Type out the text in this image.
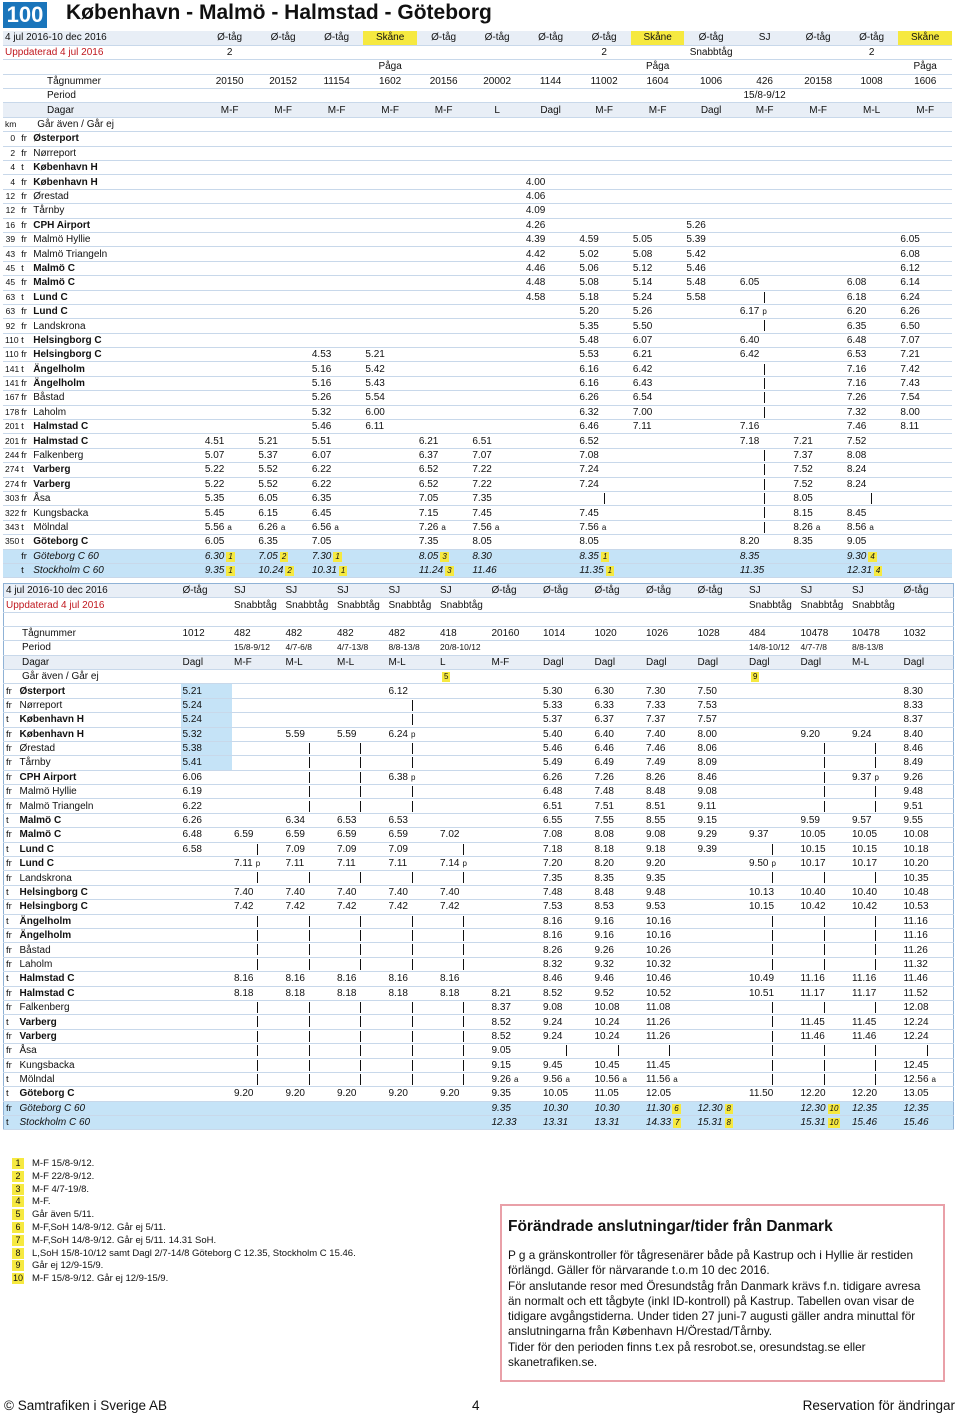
100 København - Malmö - Halmstad - Göteborg
4 jul 2016-10 dec 2016			Ø-tåg	Ø-tåg	Ø-tåg	Skåne	Ø-tåg	Ø-tåg	Ø-tåg	Ø-tåg	Skåne	Ø-tåg	SJ	Ø-tåg	Ø-tåg	Skåne
Uppdaterad 4 jul 2016			2							2		Snabbtåg			2	
						Pågа					Pågа					Pågа
Tågnummer			20150	20152	11154	1602	20156	20002	1144	11002	1604	1006	426	20158	1008	1606
Period													15/8-9/12			
Dagar			M-F	M-F	M-F	M-F	M-F	L	Dagl	M-F	M-F	Dagl	M-F	M-F	M-L	M-F
km		Går även / Går ej														
0	fr	Østerport														
2	fr	Nørreport														
4	t	København H														
4	fr	København H							4.00							
12	fr	Ørestad							4.06							
12	fr	Tårnby							4.09							
16	fr	CPH Airport							4.26			5.26				
39	fr	Malmö Hyllie							4.39	4.59	5.05	5.39				6.05
43	fr	Malmö Triangeln							4.42	5.02	5.08	5.42				6.08
45	t	Malmö C							4.46	5.06	5.12	5.46				6.12
45	fr	Malmö C							4.48	5.08	5.14	5.48	6.05		6.08	6.14
63	t	Lund C							4.58	5.18	5.24	5.58			6.18	6.24
63	fr	Lund C								5.20	5.26		6.17 p		6.20	6.26
92	fr	Landskrona								5.35	5.50				6.35	6.50
110	t	Helsingborg C								5.48	6.07		6.40		6.48	7.07
110	fr	Helsingborg C			4.53	5.21				5.53	6.21		6.42		6.53	7.21
141	t	Ängelholm			5.16	5.42				6.16	6.42				7.16	7.42
141	fr	Ängelholm			5.16	5.43				6.16	6.43				7.16	7.43
167	fr	Båstad			5.26	5.54				6.26	6.54				7.26	7.54
178	fr	Laholm			5.32	6.00				6.32	7.00				7.32	8.00
201	t	Halmstad C			5.46	6.11				6.46	7.11		7.16		7.46	8.11
201	fr	Halmstad C	4.51	5.21	5.51		6.21	6.51		6.52			7.18	7.21	7.52	
244	fr	Falkenberg	5.07	5.37	6.07		6.37	7.07		7.08				7.37	8.08	
274	t	Varberg	5.22	5.52	6.22		6.52	7.22		7.24				7.52	8.24	
274	fr	Varberg	5.22	5.52	6.22		6.52	7.22		7.24				7.52	8.24	
303	fr	Åsa	5.35	6.05	6.35		7.05	7.35						8.05		
322	fr	Kungsbacka	5.45	6.15	6.45		7.15	7.45		7.45				8.15	8.45	
343	t	Mölndal	5.56 a	6.26 a	6.56 a		7.26 a	7.56 a		7.56 a				8.26 a	8.56 a	
350	t	Göteborg C	6.05	6.35	7.05		7.35	8.05		8.05			8.20	8.35	9.05	
	fr	Göteborg C 60	6.30 1	7.05 2	7.30 1		8.05 3	8.30		8.35 1			8.35		9.30 4	
	t	Stockholm C 60	9.35 1	10.24 2	10.31 1		11.24 3	11.46		11.35 1			11.35		12.31 4	
4 jul 2016-10 dec 2016		Ø-tåg	SJ	SJ	SJ	SJ	SJ	Ø-tåg	Ø-tåg	Ø-tåg	Ø-tåg	Ø-tåg	SJ	SJ	SJ	Ø-tåg
Uppdaterad 4 jul 2016			Snabbtåg	Snabbtåg	Snabbtåg	Snabbtåg	Snabbtåg						Snabbtåg	Snabbtåg	Snabbtåg	

Tågnummer		1012	482	482	482	482	418	20160	1014	1020	1026	1028	484	10478	10478	1032
Period			15/8-9/12	4/7-6/8	4/7-13/8	8/8-13/8	20/8-10/12						14/8-10/12	4/7-7/8	8/8-13/8	
Dagar		Dagl	M-F	M-L	M-L	M-L	L	M-F	Dagl	Dagl	Dagl	Dagl	Dagl	Dagl	M-L	Dagl
Går även / Går ej							5						9			
fr	Østerport	5.21				6.12			5.30	6.30	7.30	7.50				8.30
fr	Nørreport	5.24							5.33	6.33	7.33	7.53				8.33
t	København H	5.24							5.37	6.37	7.37	7.57				8.37
fr	København H	5.32		5.59	5.59	6.24 p			5.40	6.40	7.40	8.00		9.20	9.24	8.40
fr	Ørestad	5.38							5.46	6.46	7.46	8.06				8.46
fr	Tårnby	5.41							5.49	6.49	7.49	8.09				8.49
fr	CPH Airport	6.06				6.38 p			6.26	7.26	8.26	8.46			9.37 p	9.26
fr	Malmö Hyllie	6.19							6.48	7.48	8.48	9.08				9.48
fr	Malmö Triangeln	6.22							6.51	7.51	8.51	9.11				9.51
t	Malmö C	6.26		6.34	6.53	6.53			6.55	7.55	8.55	9.15		9.59	9.57	9.55
fr	Malmö C	6.48	6.59	6.59	6.59	6.59	7.02		7.08	8.08	9.08	9.29	9.37	10.05	10.05	10.08
t	Lund C	6.58		7.09	7.09	7.09			7.18	8.18	9.18	9.39		10.15	10.15	10.18
fr	Lund C		7.11 p	7.11	7.11	7.11	7.14 p		7.20	8.20	9.20		9.50 p	10.17	10.17	10.20
fr	Landskrona								7.35	8.35	9.35					10.35
t	Helsingborg C		7.40	7.40	7.40	7.40	7.40		7.48	8.48	9.48		10.13	10.40	10.40	10.48
fr	Helsingborg C		7.42	7.42	7.42	7.42	7.42		7.53	8.53	9.53		10.15	10.42	10.42	10.53
t	Ängelholm								8.16	9.16	10.16					11.16
fr	Ängelholm								8.16	9.16	10.16					11.16
fr	Båstad								8.26	9.26	10.26					11.26
fr	Laholm								8.32	9.32	10.32					11.32
t	Halmstad C		8.16	8.16	8.16	8.16	8.16		8.46	9.46	10.46		10.49	11.16	11.16	11.46
fr	Halmstad C		8.18	8.18	8.18	8.18	8.18	8.21	8.52	9.52	10.52		10.51	11.17	11.17	11.52
fr	Falkenberg							8.37	9.08	10.08	11.08					12.08
t	Varberg							8.52	9.24	10.24	11.26			11.45	11.45	12.24
fr	Varberg							8.52	9.24	10.24	11.26			11.46	11.46	12.24
fr	Åsa							9.05								
fr	Kungsbacka							9.15	9.45	10.45	11.45					12.45
t	Mölndal							9.26 a	9.56 a	10.56 a	11.56 a					12.56 a
t	Göteborg C		9.20	9.20	9.20	9.20	9.20	9.35	10.05	11.05	12.05		11.50	12.20	12.20	13.05
fr	Göteborg C 60							9.35	10.30	10.30	11.30 6	12.30 8		12.30 10	12.35	12.35
t	Stockholm C 60							12.33	13.31	13.31	14.33 7	15.31 8		15.31 10	15.46	15.46
1	M-F 15/8-9/12.
2	M-F 22/8-9/12.
3	M-F 4/7-19/8.
4	M-F.
5	Går även 5/11.
6	M-F,SoH 14/8-9/12. Går ej 5/11.
7	M-F,SoH 14/8-9/12. Går ej 5/11. 14.31 SoH.
8	L,SoH 15/8-10/12 samt Dagl 2/7-14/8 Göteborg C 12.35, Stockholm C 15.46.
9	Går ej 12/9-15/9.
10 M-F 15/8-9/12. Går ej 12/9-15/9.
Förändrade anslutningar/tider från Danmark

P g a gränskontroller för tågresenärer både på Kastrup och i Hyllie är restiden förlängd. Gäller för närvarande t.o.m 10 dec 2016.

För anslutande resor med Öresundståg från Danmark krävs f.n. tidigare avresa än normalt och ett tågbyte (inkl ID-kontroll) på Kastrup. Tabellen ovan visar de tidigare avgångstiderna. Under tiden 27 juni-7 augusti gäller andra minuttal för anslutningarna från København H/Örestad/Tårnby.

Tider för den perioden finns t.ex på resrobot.se, oresundstag.se eller skanetrafiken.se.

© Samtrafiken i Sverige AB	4	Reservation för ändringar
